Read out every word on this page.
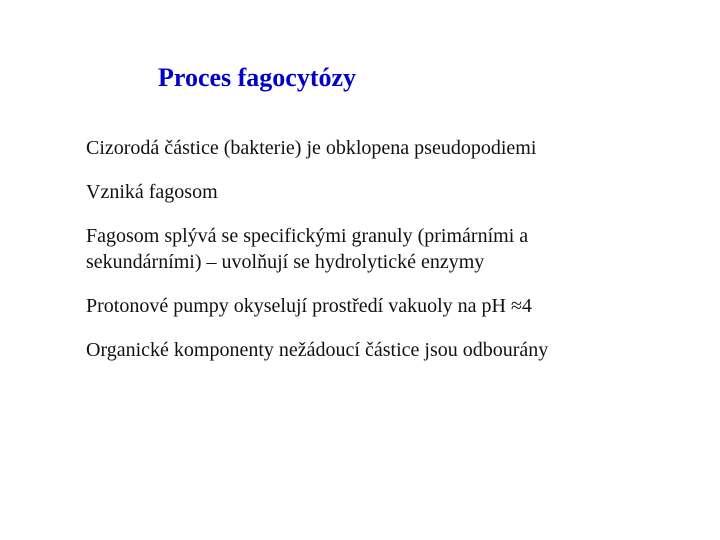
Proces fagocytózy
Cizorodá částice (bakterie) je obklopena pseudopodiemi
Vzniká fagosom
Fagosom splývá se specifickými granuly (primárními a sekundárními) – uvolňují se hydrolytické enzymy
Protonové pumpy okyselují prostředí vakuoly na pH ≈4
Organické komponenty nežádoucí částice jsou odbourány
